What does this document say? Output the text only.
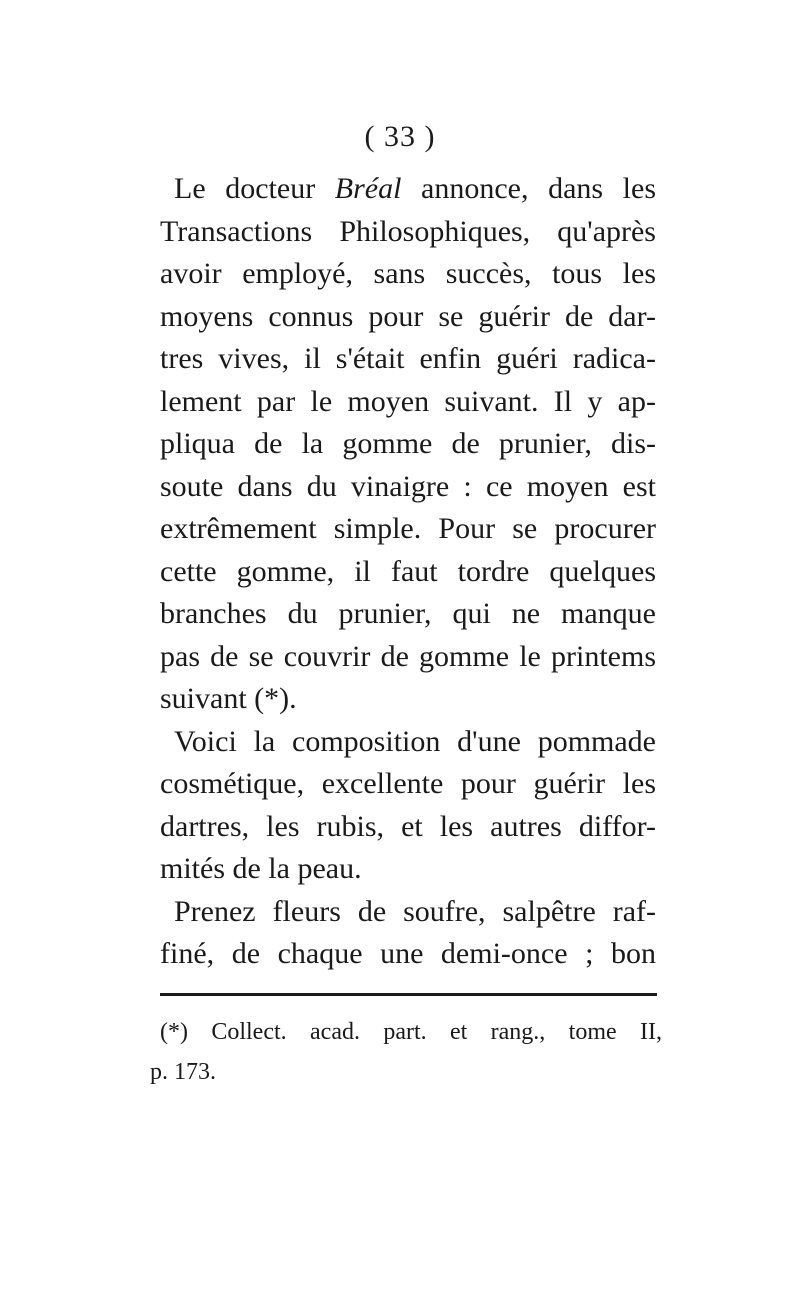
( 33 )
Le docteur Bréal annonce, dans les
Transactions Philosophiques, qu'après
avoir employé, sans succès, tous les
moyens connus pour se guérir de dar-
tres vives, il s'était enfin guéri radica-
lement par le moyen suivant. Il y ap-
pliqua de la gomme de prunier, dis-
soute dans du vinaigre : ce moyen est
extrêmement simple. Pour se procurer
cette gomme, il faut tordre quelques
branches du prunier, qui ne manque
pas de se couvrir de gomme le printems
suivant (*).
Voici la composition d'une pommade
cosmétique, excellente pour guérir les
dartres, les rubis, et les autres diffor-
mités de la peau.
Prenez fleurs de soufre, salpêtre raf-
finé, de chaque une demi-once ; bon
(*) Collect. acad. part. et rang., tome II,
p. 173.
